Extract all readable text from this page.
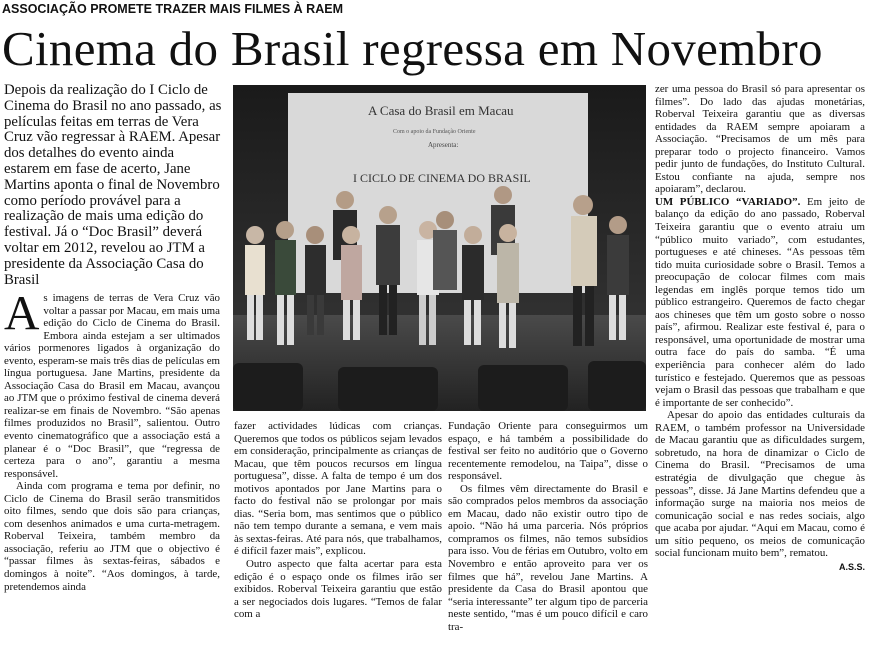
ASSOCIAÇÃO PROMETE TRAZER MAIS FILMES À RAEM
Cinema do Brasil regressa em Novembro
Depois da realização do I Ciclo de Cinema do Brasil no ano passado, as películas feitas em terras de Vera Cruz vão regressar à RAEM. Apesar dos detalhes do evento ainda estarem em fase de acerto, Jane Martins aponta o final de Novembro como período provável para a realização de mais uma edição do festival. Já o “Doc Brasil” deverá voltar em 2012, revelou ao JTM a presidente da Associação Casa do Brasil
A Casa do Brasil em Macau
Com o apoio da Fundação Oriente
Apresenta:
I CICLO DE CINEMA DO BRASIL

As imagens de terras de Vera Cruz vão voltar a passar por Macau, em mais uma edição do Ciclo de Cinema do Brasil. Embora ainda estejam a ser ultimados vários pormenores ligados à organização do evento, esperam-se mais três dias de películas em língua portuguesa. Jane Martins, presidente da Associação Casa do Brasil em Macau, avançou ao JTM que o próximo festival de cinema deverá realizar-se em finais de Novembro. “São apenas filmes produzidos no Brasil”, salientou. Outro evento cinematográfico que a associação está a planear é o “Doc Brasil”, que “regressa de certeza para o ano”, garantiu a mesma responsável.

Ainda com programa e tema por definir, no Ciclo de Cinema do Brasil serão transmitidos oito filmes, sendo que dois são para crianças, com desenhos animados e uma curta-metragem. Roberval Teixeira, também membro da associação, referiu ao JTM que o objectivo é “passar filmes às sextas-feiras, sábados e domingos à noite”. “Aos domingos, à tarde, pretendemos ainda

fazer actividades lúdicas com crianças. Queremos que todos os públicos sejam levados em consideração, principalmente as crianças de Macau, que têm poucos recursos em língua portuguesa”, disse. A falta de tempo é um dos motivos apontados por Jane Martins para o facto do festival não se prolongar por mais dias. “Seria bom, mas sentimos que o público não tem tempo durante a semana, e vem mais às sextas-feiras. Até para nós, que trabalhamos, é difícil fazer mais”, explicou.

Outro aspecto que falta acertar para esta edição é o espaço onde os filmes irão ser exibidos. Roberval Teixeira garantiu que estão a ser negociados dois lugares. “Temos de falar com a

Fundação Oriente para conseguirmos um espaço, e há também a possibilidade do festival ser feito no auditório que o Governo recentemente remodelou, na Taipa”, disse o responsável.

Os filmes vêm directamente do Brasil e são comprados pelos membros da associação em Macau, dado não existir outro tipo de apoio. “Não há uma parceria. Nós próprios compramos os filmes, não temos subsídios para isso. Vou de férias em Outubro, volto em Novembro e então aproveito para ver os filmes que há”, revelou Jane Martins. A presidente da Casa do Brasil apontou que “seria interessante” ter algum tipo de parceria neste sentido, “mas é um pouco difícil e caro tra-

zer uma pessoa do Brasil só para apresentar os filmes”. Do lado das ajudas monetárias, Roberval Teixeira garantiu que as diversas entidades da RAEM sempre apoiaram a Associação. “Precisamos de um mês para preparar todo o projecto financeiro. Vamos pedir junto de fundações, do Instituto Cultural. Estou confiante na ajuda, sempre nos apoiaram”, declarou.

UM PÚBLICO “VARIADO”. Em jeito de balanço da edição do ano passado, Roberval Teixeira garantiu que o evento atraiu um “público muito variado”, com estudantes, portugueses e até chineses. “As pessoas têm tido muita curiosidade sobre o Brasil. Temos a preocupação de colocar filmes com mais legendas em inglês porque temos tido um público estrangeiro. Queremos de facto chegar aos chineses que têm um gosto sobre o nosso país”, afirmou. Realizar este festival é, para o responsável, uma oportunidade de mostrar uma outra face do país do samba. “É uma experiência para conhecer além do lado turístico e festejado. Queremos que as pessoas vejam o Brasil das pessoas que trabalham e que é importante de ser conhecido”.

Apesar do apoio das entidades culturais da RAEM, o também professor na Universidade de Macau garantiu que as dificuldades surgem, sobretudo, na hora de dinamizar o Ciclo de Cinema do Brasil. “Precisamos de uma estratégia de divulgação que chegue às pessoas”, disse. Já Jane Martins defendeu que a informação surge na maioria nos meios de comunicação social e nas redes sociais, algo que acaba por ajudar. “Aqui em Macau, como é um sítio pequeno, os meios de comunicação social funcionam muito bem”, rematou.

A.S.S.
